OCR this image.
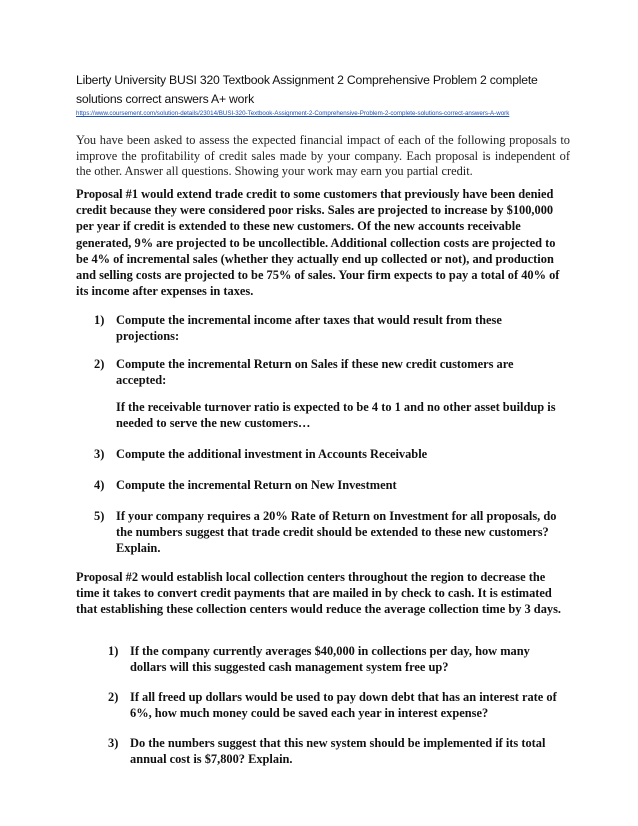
Liberty University BUSI 320 Textbook Assignment 2 Comprehensive Problem 2 complete solutions correct answers A+ work
https://www.coursement.com/solution-details/23014/BUSI-320-Textbook-Assignment-2-Comprehensive-Problem-2-complete-solutions-correct-answers-A-work
You have been asked to assess the expected financial impact of each of the following proposals to improve the profitability of credit sales made by your company. Each proposal is independent of the other. Answer all questions. Showing your work may earn you partial credit.
Proposal #1 would extend trade credit to some customers that previously have been denied credit because they were considered poor risks. Sales are projected to increase by $100,000 per year if credit is extended to these new customers. Of the new accounts receivable generated, 9% are projected to be uncollectible. Additional collection costs are projected to be 4% of incremental sales (whether they actually end up collected or not), and production and selling costs are projected to be 75% of sales. Your firm expects to pay a total of 40% of its income after expenses in taxes.
1) Compute the incremental income after taxes that would result from these projections:
2) Compute the incremental Return on Sales if these new credit customers are accepted:
If the receivable turnover ratio is expected to be 4 to 1 and no other asset buildup is needed to serve the new customers…
3) Compute the additional investment in Accounts Receivable
4) Compute the incremental Return on New Investment
5) If your company requires a 20% Rate of Return on Investment for all proposals, do the numbers suggest that trade credit should be extended to these new customers? Explain.
Proposal #2 would establish local collection centers throughout the region to decrease the time it takes to convert credit payments that are mailed in by check to cash. It is estimated that establishing these collection centers would reduce the average collection time by 3 days.
1) If the company currently averages $40,000 in collections per day, how many dollars will this suggested cash management system free up?
2) If all freed up dollars would be used to pay down debt that has an interest rate of 6%, how much money could be saved each year in interest expense?
3) Do the numbers suggest that this new system should be implemented if its total annual cost is $7,800? Explain.
